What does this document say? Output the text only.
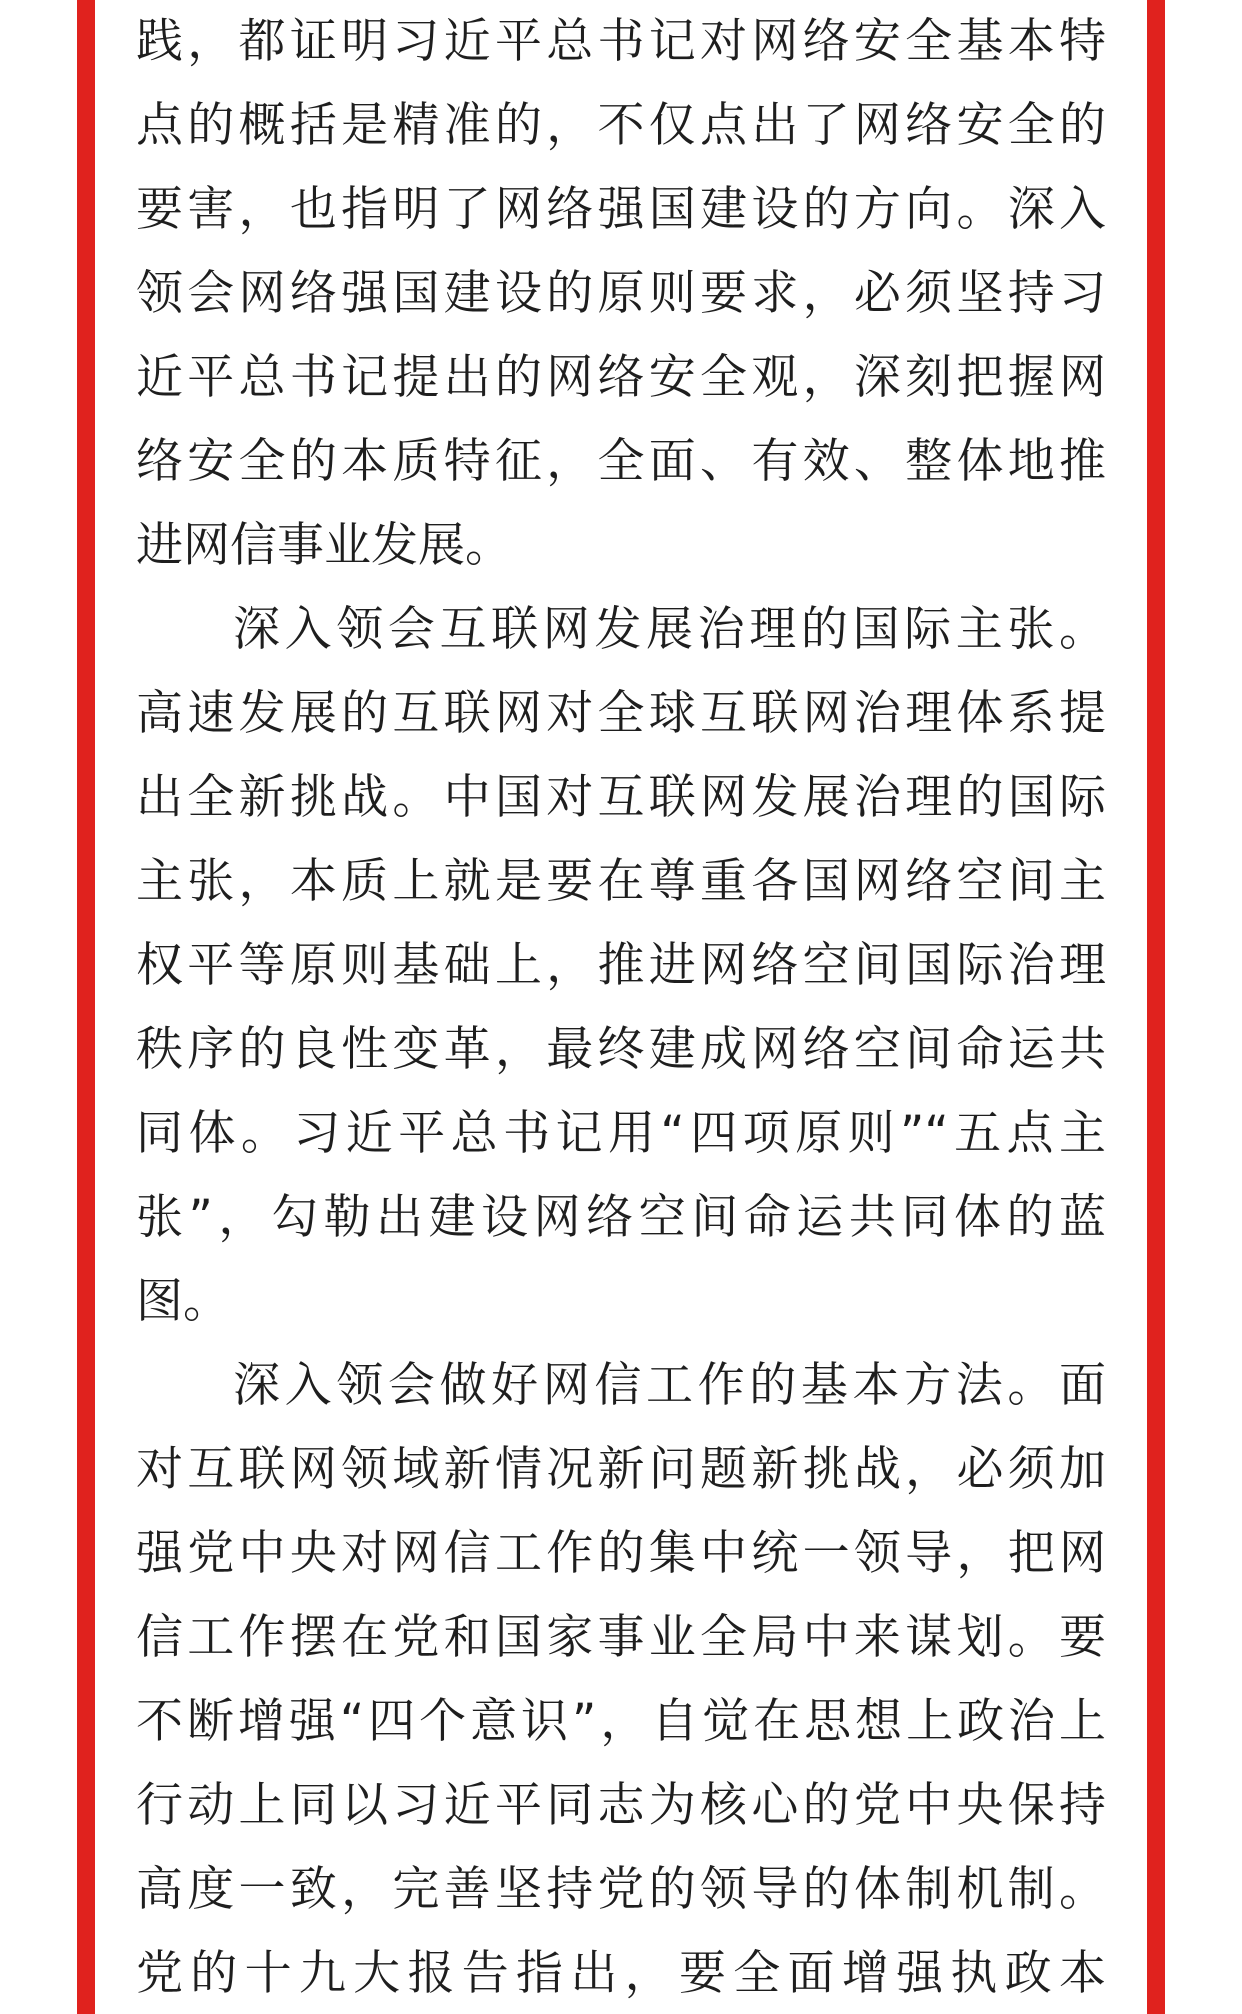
践，都证明习近平总书记对网络安全基本特
点的概括是精准的，不仅点出了网络安全的
要害，也指明了网络强国建设的方向。深入
领会网络强国建设的原则要求，必须坚持习
近平总书记提出的网络安全观，深刻把握网
络安全的本质特征，全面、有效、整体地推
进网信事业发展。
深入领会互联网发展治理的国际主张。
高速发展的互联网对全球互联网治理体系提
出全新挑战。中国对互联网发展治理的国际
主张，本质上就是要在尊重各国网络空间主
权平等原则基础上，推进网络空间国际治理
秩序的良性变革，最终建成网络空间命运共
同体。习近平总书记用“四项原则”“五点主
张”，勾勒出建设网络空间命运共同体的蓝
图。
深入领会做好网信工作的基本方法。面
对互联网领域新情况新问题新挑战，必须加
强党中央对网信工作的集中统一领导，把网
信工作摆在党和国家事业全局中来谋划。要
不断增强“四个意识”，自觉在思想上政治上
行动上同以习近平同志为核心的党中央保持
高度一致，完善坚持党的领导的体制机制。
党的十九大报告指出，要全面增强执政本
